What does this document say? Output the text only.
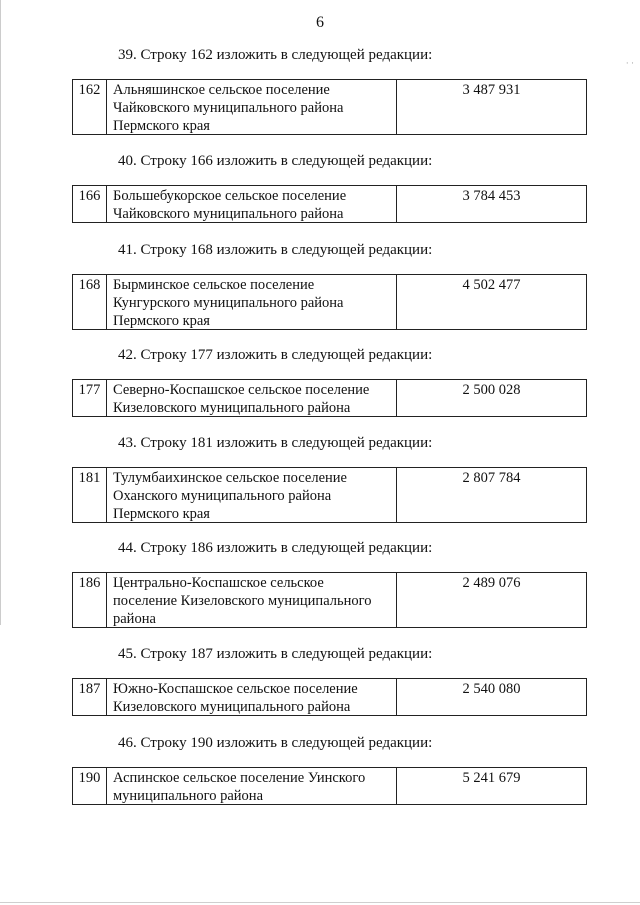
6
· ·
39. Строку 162 изложить в следующей редакции:
162 Альняшинское сельское поселение
Чайковского муниципального района
Пермского края
3 487 931
40. Строку 166 изложить в следующей редакции:
166 Большебукорское сельское поселение
Чайковского муниципального района
3 784 453
41. Строку 168 изложить в следующей редакции:
168 Бырминское сельское поселение
Кунгурского муниципального района
Пермского края
4 502 477
42. Строку 177 изложить в следующей редакции:
177 Северно-Коспашское сельское поселение
Кизеловского муниципального района
2 500 028
43. Строку 181 изложить в следующей редакции:
181 Тулумбаихинское сельское поселение
Оханского муниципального района
Пермского края
2 807 784
44. Строку 186 изложить в следующей редакции:
186 Центрально-Коспашское сельское
поселение Кизеловского муниципального
района
2 489 076
45. Строку 187 изложить в следующей редакции:
187 Южно-Коспашское сельское поселение
Кизеловского муниципального района
2 540 080
46. Строку 190 изложить в следующей редакции:
190 Аспинское сельское поселение Уинского
муниципального района
5 241 679
